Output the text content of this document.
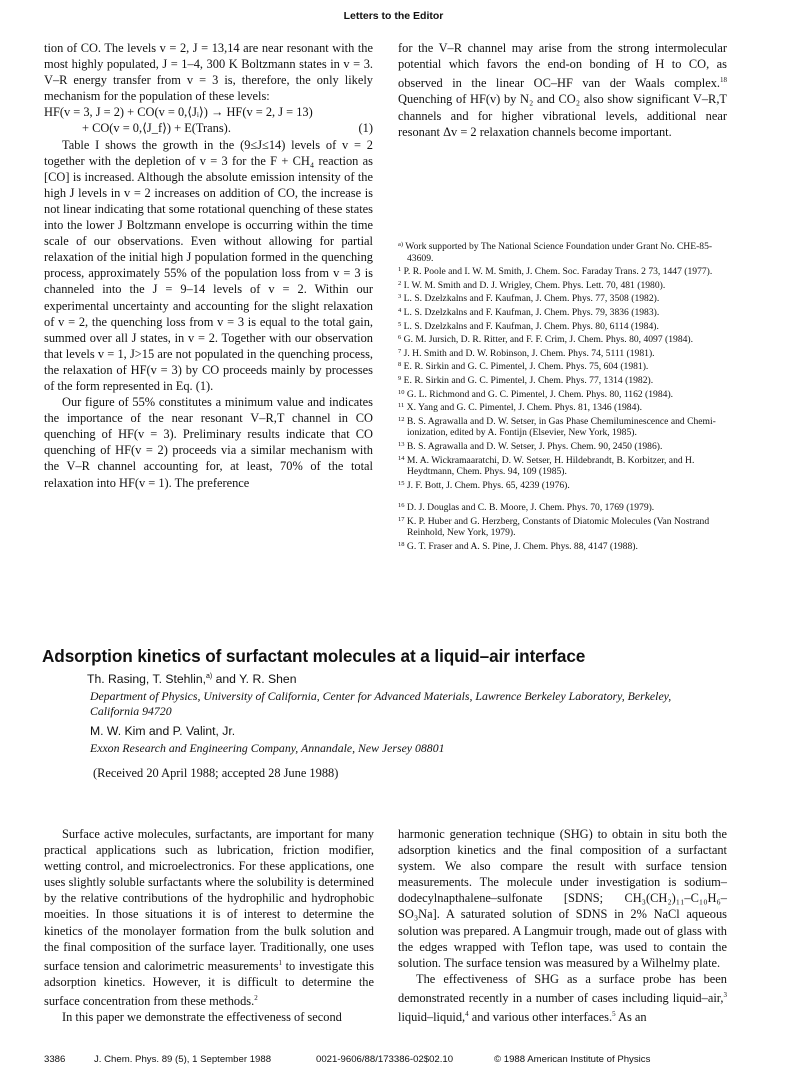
Letters to the Editor

tion of CO. The levels v = 2, J = 13,14 are near resonant with the most highly populated, J = 1–4, 300 K Boltzmann states in v = 3. V–R energy transfer from v = 3 is, therefore, the only likely mechanism for the population of these levels:

HF(v = 3, J = 2) + CO(v = 0,⟨Jᵢ⟩) → HF(v = 2, J = 13)
+ CO(v = 0,⟨J_f⟩) + E(Trans).	(1)

Table I shows the growth in the (9≤J≤14) levels of v = 2 together with the depletion of v = 3 for the F + CH₄ reaction as [CO] is increased. Although the absolute emission intensity of the high J levels in v = 2 increases on addition of CO, the increase is not linear indicating that some rotational quenching of these states into the lower J Boltzmann envelope is occurring within the time scale of our observations. Even without allowing for partial relaxation of the initial high J population formed in the quenching process, approximately 55% of the population loss from v = 3 is channeled into the J = 9–14 levels of v = 2. Within our experimental uncertainty and accounting for the slight relaxation of v = 2, the quenching loss from v = 3 is equal to the total gain, summed over all J states, in v = 2. Together with our observation that levels v = 1, J>15 are not populated in the quenching process, the relaxation of HF(v = 3) by CO proceeds mainly by processes of the form represented in Eq. (1).

Our figure of 55% constitutes a minimum value and indicates the importance of the near resonant V–R,T channel in CO quenching of HF(v = 3). Preliminary results indicate that CO quenching of HF(v = 2) proceeds via a similar mechanism with the V–R channel accounting for, at least, 70% of the total relaxation into HF(v = 1). The preference

for the V–R channel may arise from the strong intermolecular potential which favors the end-on bonding of H to CO, as observed in the linear OC–HF van der Waals complex.$^{18}$ Quenching of HF(v) by N₂ and CO₂ also show significant V–R,T channels and for higher vibrational levels, additional near resonant Δv = 2 relaxation channels become important.

$^{a)}$ Work supported by The National Science Foundation under Grant No. CHE-85-43609.

$^1$ P. R. Poole and I. W. M. Smith, J. Chem. Soc. Faraday Trans. 2 73, 1447 (1977).

$^2$ I. W. M. Smith and D. J. Wrigley, Chem. Phys. Lett. 70, 481 (1980).

$^3$ L. S. Dzelzkalns and F. Kaufman, J. Chem. Phys. 77, 3508 (1982).

$^4$ L. S. Dzelzkalns and F. Kaufman, J. Chem. Phys. 79, 3836 (1983).

$^5$ L. S. Dzelzkalns and F. Kaufman, J. Chem. Phys. 80, 6114 (1984).

$^6$ G. M. Jursich, D. R. Ritter, and F. F. Crim, J. Chem. Phys. 80, 4097 (1984).

$^7$ J. H. Smith and D. W. Robinson, J. Chem. Phys. 74, 5111 (1981).

$^8$ E. R. Sirkin and G. C. Pimentel, J. Chem. Phys. 75, 604 (1981).

$^9$ E. R. Sirkin and G. C. Pimentel, J. Chem. Phys. 77, 1314 (1982).

$^{10}$ G. L. Richmond and G. C. Pimentel, J. Chem. Phys. 80, 1162 (1984).

$^{11}$ X. Yang and G. C. Pimentel, J. Chem. Phys. 81, 1346 (1984).

$^{12}$ B. S. Agrawalla and D. W. Setser, in Gas Phase Chemiluminescence and Chemi-ionization, edited by A. Fontijn (Elsevier, New York, 1985).

$^{13}$ B. S. Agrawalla and D. W. Setser, J. Phys. Chem. 90, 2450 (1986).

$^{14}$ M. A. Wickramaaratchi, D. W. Setser, H. Hildebrandt, B. Korbitzer, and H. Heydtmann, Chem. Phys. 94, 109 (1985).

$^{15}$ J. F. Bott, J. Chem. Phys. 65, 4239 (1976).

$^{16}$ D. J. Douglas and C. B. Moore, J. Chem. Phys. 70, 1769 (1979).

$^{17}$ K. P. Huber and G. Herzberg, Constants of Diatomic Molecules (Van Nostrand Reinhold, New York, 1979).

$^{18}$ G. T. Fraser and A. S. Pine, J. Chem. Phys. 88, 4147 (1988).

Adsorption kinetics of surfactant molecules at a liquid–air interface
Th. Rasing, T. Stehlin,$^{a)}$ and Y. R. Shen
Department of Physics, University of California, Center for Advanced Materials, Lawrence Berkeley Laboratory, Berkeley, California 94720
M. W. Kim and P. Valint, Jr.
Exxon Research and Engineering Company, Annandale, New Jersey 08801
(Received 20 April 1988; accepted 28 June 1988)

Surface active molecules, surfactants, are important for many practical applications such as lubrication, friction modifier, wetting control, and microelectronics. For these applications, one uses slightly soluble surfactants where the solubility is determined by the relative contributions of the hydrophilic and hydrophobic moeities. In those situations it is of interest to determine the kinetics of the monolayer formation from the bulk solution and the final composition of the surface layer. Traditionally, one uses surface tension and calorimetric measurements$^1$ to investigate this adsorption kinetics. However, it is difficult to determine the surface concentration from these methods.$^2$

In this paper we demonstrate the effectiveness of second

harmonic generation technique (SHG) to obtain in situ both the adsorption kinetics and the final composition of a surfactant system. We also compare the result with surface tension measurements. The molecule under investigation is sodium–dodecylnapthalene–sulfonate [SDNS; CH₃(CH₂)₁₁–C₁₀H₆–SO₃Na]. A saturated solution of SDNS in 2% NaCl aqueous solution was prepared. A Langmuir trough, made out of glass with the edges wrapped with Teflon tape, was used to contain the solution. The surface tension was measured by a Wilhelmy plate.

The effectiveness of SHG as a surface probe has been demonstrated recently in a number of cases including liquid–air,$^3$ liquid–liquid,$^4$ and various other interfaces.$^5$ As an

3386	J. Chem. Phys. 89 (5), 1 September 1988	0021-9606/88/173386-02$02.10	© 1988 American Institute of Physics
